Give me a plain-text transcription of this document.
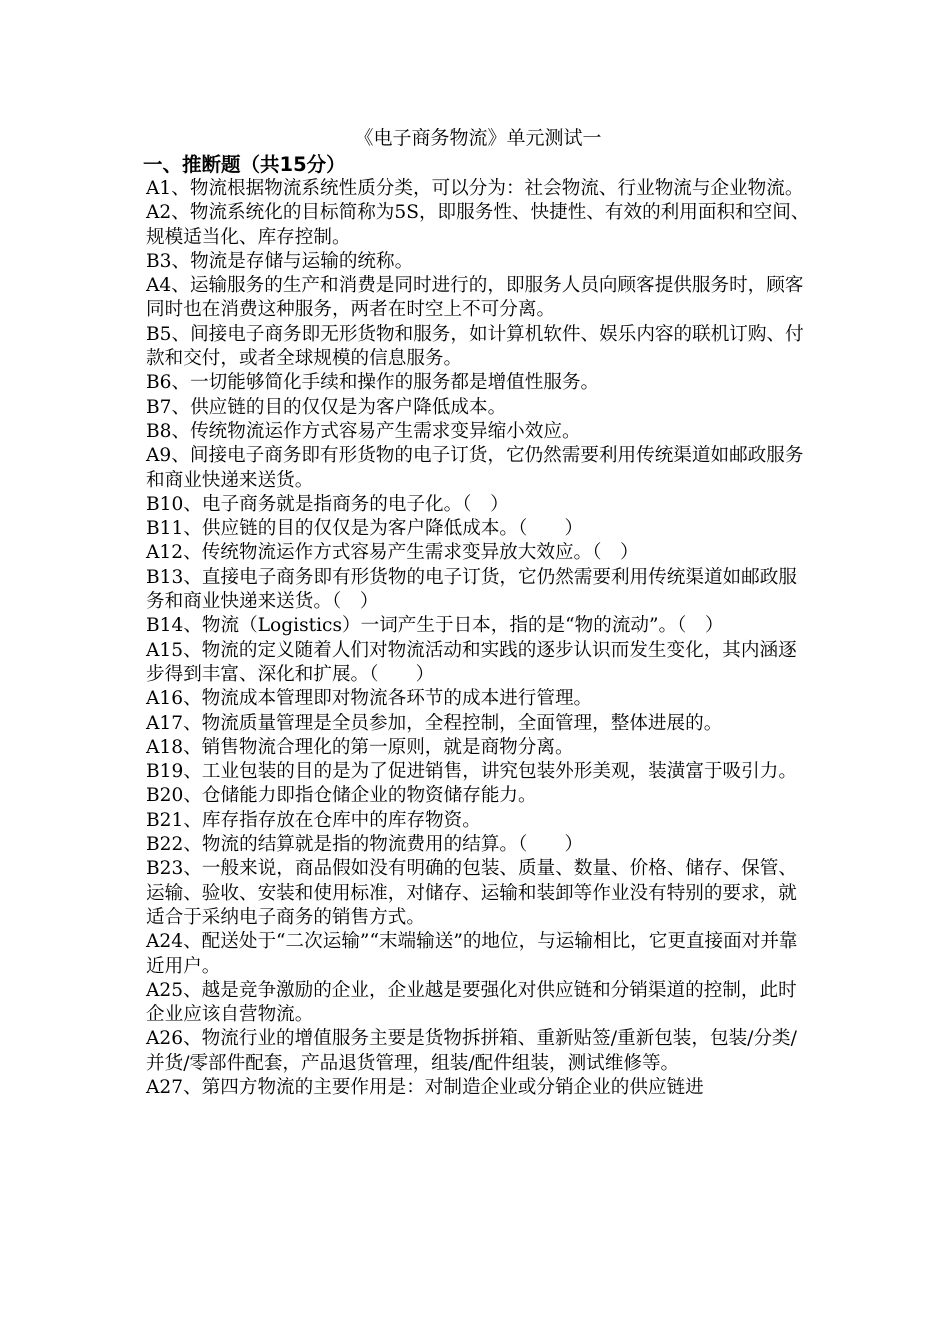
《电子商务物流》单元测试一
一、推断题（共15分）
A1、物流根据物流系统性质分类，可以分为：社会物流、行业物流与企业物流。
A2、物流系统化的目标简称为5S，即服务性、快捷性、有效的利用面积和空间、规模适当化、库存控制。
B3、物流是存储与运输的统称。
A4、运输服务的生产和消费是同时进行的，即服务人员向顾客提供服务时，顾客同时也在消费这种服务，两者在时空上不可分离。
B5、间接电子商务即无形货物和服务，如计算机软件、娱乐内容的联机订购、付款和交付，或者全球规模的信息服务。
B6、一切能够简化手续和操作的服务都是增值性服务。
B7、供应链的目的仅仅是为客户降低成本。
B8、传统物流运作方式容易产生需求变异缩小效应。
A9、间接电子商务即有形货物的电子订货，它仍然需要利用传统渠道如邮政服务和商业快递来送货。
B10、电子商务就是指商务的电子化。（　）
B11、供应链的目的仅仅是为客户降低成本。（　　）
A12、传统物流运作方式容易产生需求变异放大效应。（　）
B13、直接电子商务即有形货物的电子订货，它仍然需要利用传统渠道如邮政服务和商业快递来送货。（　）
B14、物流（Logistics）一词产生于日本，指的是“物的流动”。（　）
A15、物流的定义随着人们对物流活动和实践的逐步认识而发生变化，其内涵逐步得到丰富、深化和扩展。（　　）
A16、物流成本管理即对物流各环节的成本进行管理。
A17、物流质量管理是全员参加，全程控制，全面管理，整体进展的。
A18、销售物流合理化的第一原则，就是商物分离。
B19、工业包装的目的是为了促进销售，讲究包装外形美观，装潢富于吸引力。
B20、仓储能力即指仓储企业的物资储存能力。
B21、库存指存放在仓库中的库存物资。
B22、物流的结算就是指的物流费用的结算。（　　）
B23、一般来说，商品假如没有明确的包装、质量、数量、价格、储存、保管、运输、验收、安装和使用标准，对储存、运输和装卸等作业没有特别的要求，就适合于采纳电子商务的销售方式。
A24、配送处于“二次运输”“末端输送”的地位，与运输相比，它更直接面对并靠近用户。
A25、越是竞争激励的企业，企业越是要强化对供应链和分销渠道的控制，此时企业应该自营物流。
A26、物流行业的增值服务主要是货物拆拼箱、重新贴签/重新包装，包装/分类/并货/零部件配套，产品退货管理，组装/配件组装，测试维修等。
A27、第四方物流的主要作用是：对制造企业或分销企业的供应链进
